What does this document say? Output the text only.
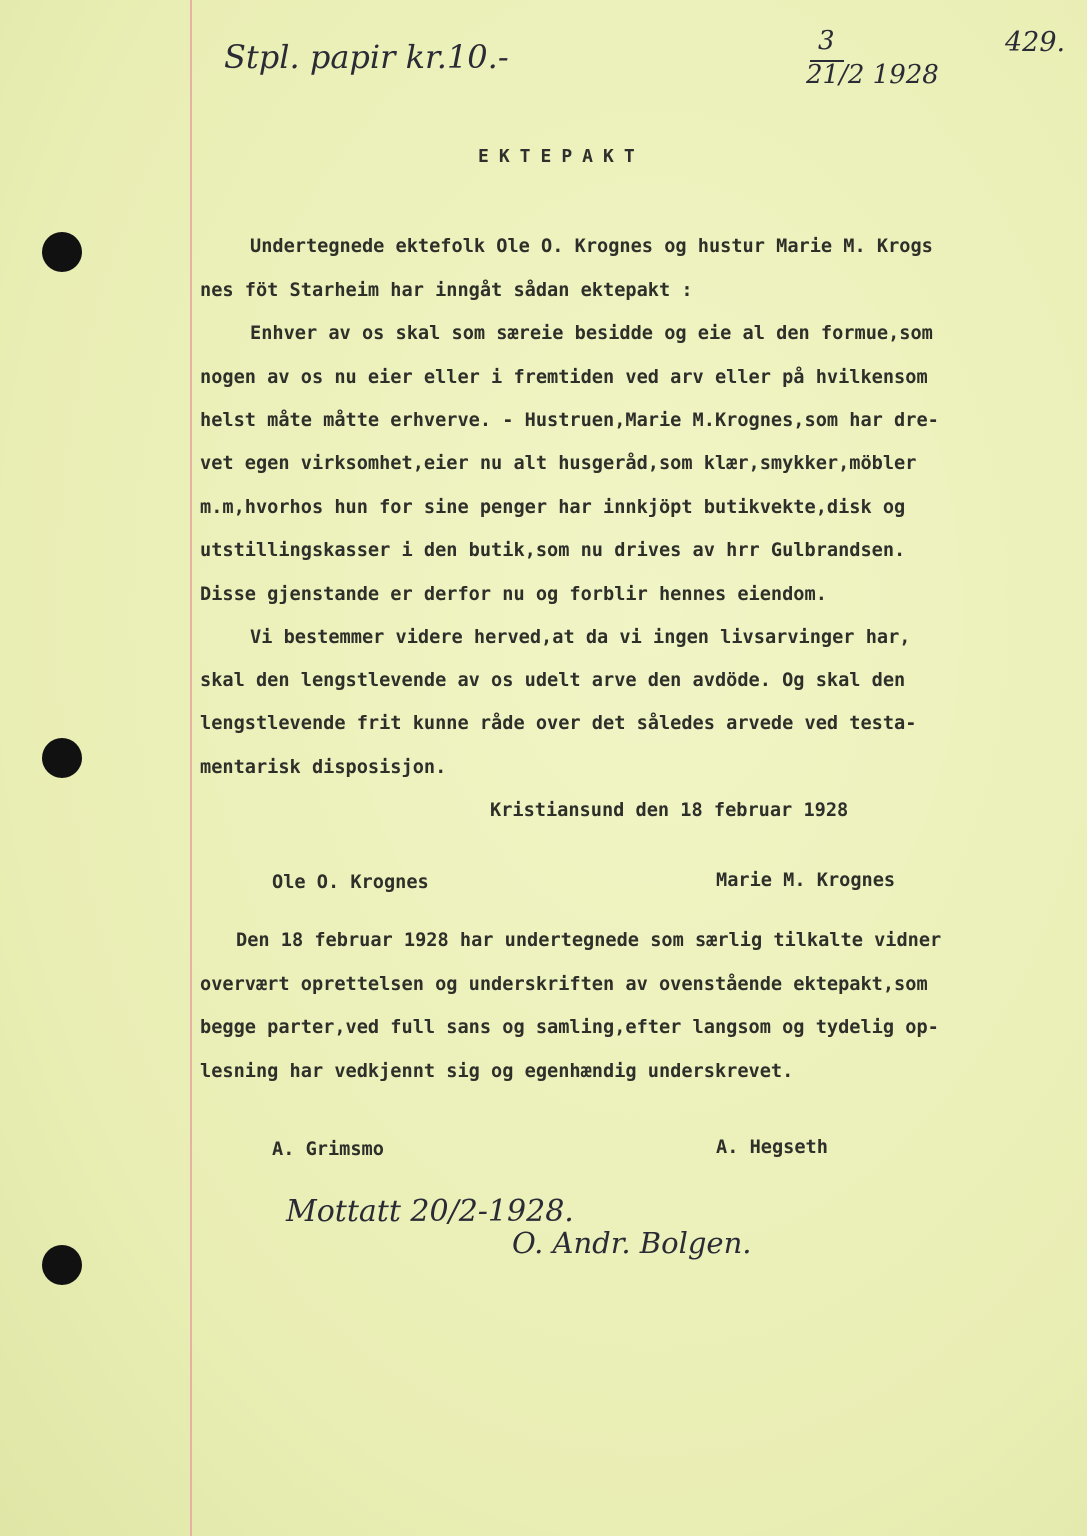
429.

Stpl. papir kr.10.-	3

21/2 1928

EKTEPAKT

Undertegnede ektefolk Ole O. Krognes og hustur Marie M. Krogs

nes föt Starheim har inngåt sådan ektepakt :

Enhver av os skal som særeie besidde og eie al den formue,som

nogen av os nu eier eller i fremtiden ved arv eller på hvilkensom

helst måte måtte erhverve. - Hustruen,Marie M.Krognes,som har dre-

vet egen virksomhet,eier nu alt husgeråd,som klær,smykker,möbler

m.m,hvorhos hun for sine penger har innkjöpt butikvekte,disk og

utstillingskasser i den butik,som nu drives av hrr Gulbrandsen.

Disse gjenstande er derfor nu og forblir hennes eiendom.

Vi bestemmer videre herved,at da vi ingen livsarvinger har,

skal den lengstlevende av os udelt arve den avdöde. Og skal den

lengstlevende frit kunne råde over det således arvede ved testa-

mentarisk disposisjon.

Kristiansund den 18 februar 1928

Ole O. Krognes	Marie M. Krognes

Den 18 februar 1928 har undertegnede som særlig tilkalte vidner

overvært oprettelsen og underskriften av ovenstående ektepakt,som

begge parter,ved full sans og samling,efter langsom og tydelig op-

lesning har vedkjennt sig og egenhændig underskrevet.

A. Grimsmo	A. Hegseth

Mottatt 20/2-1928.

O. Andr. Bolgen.
